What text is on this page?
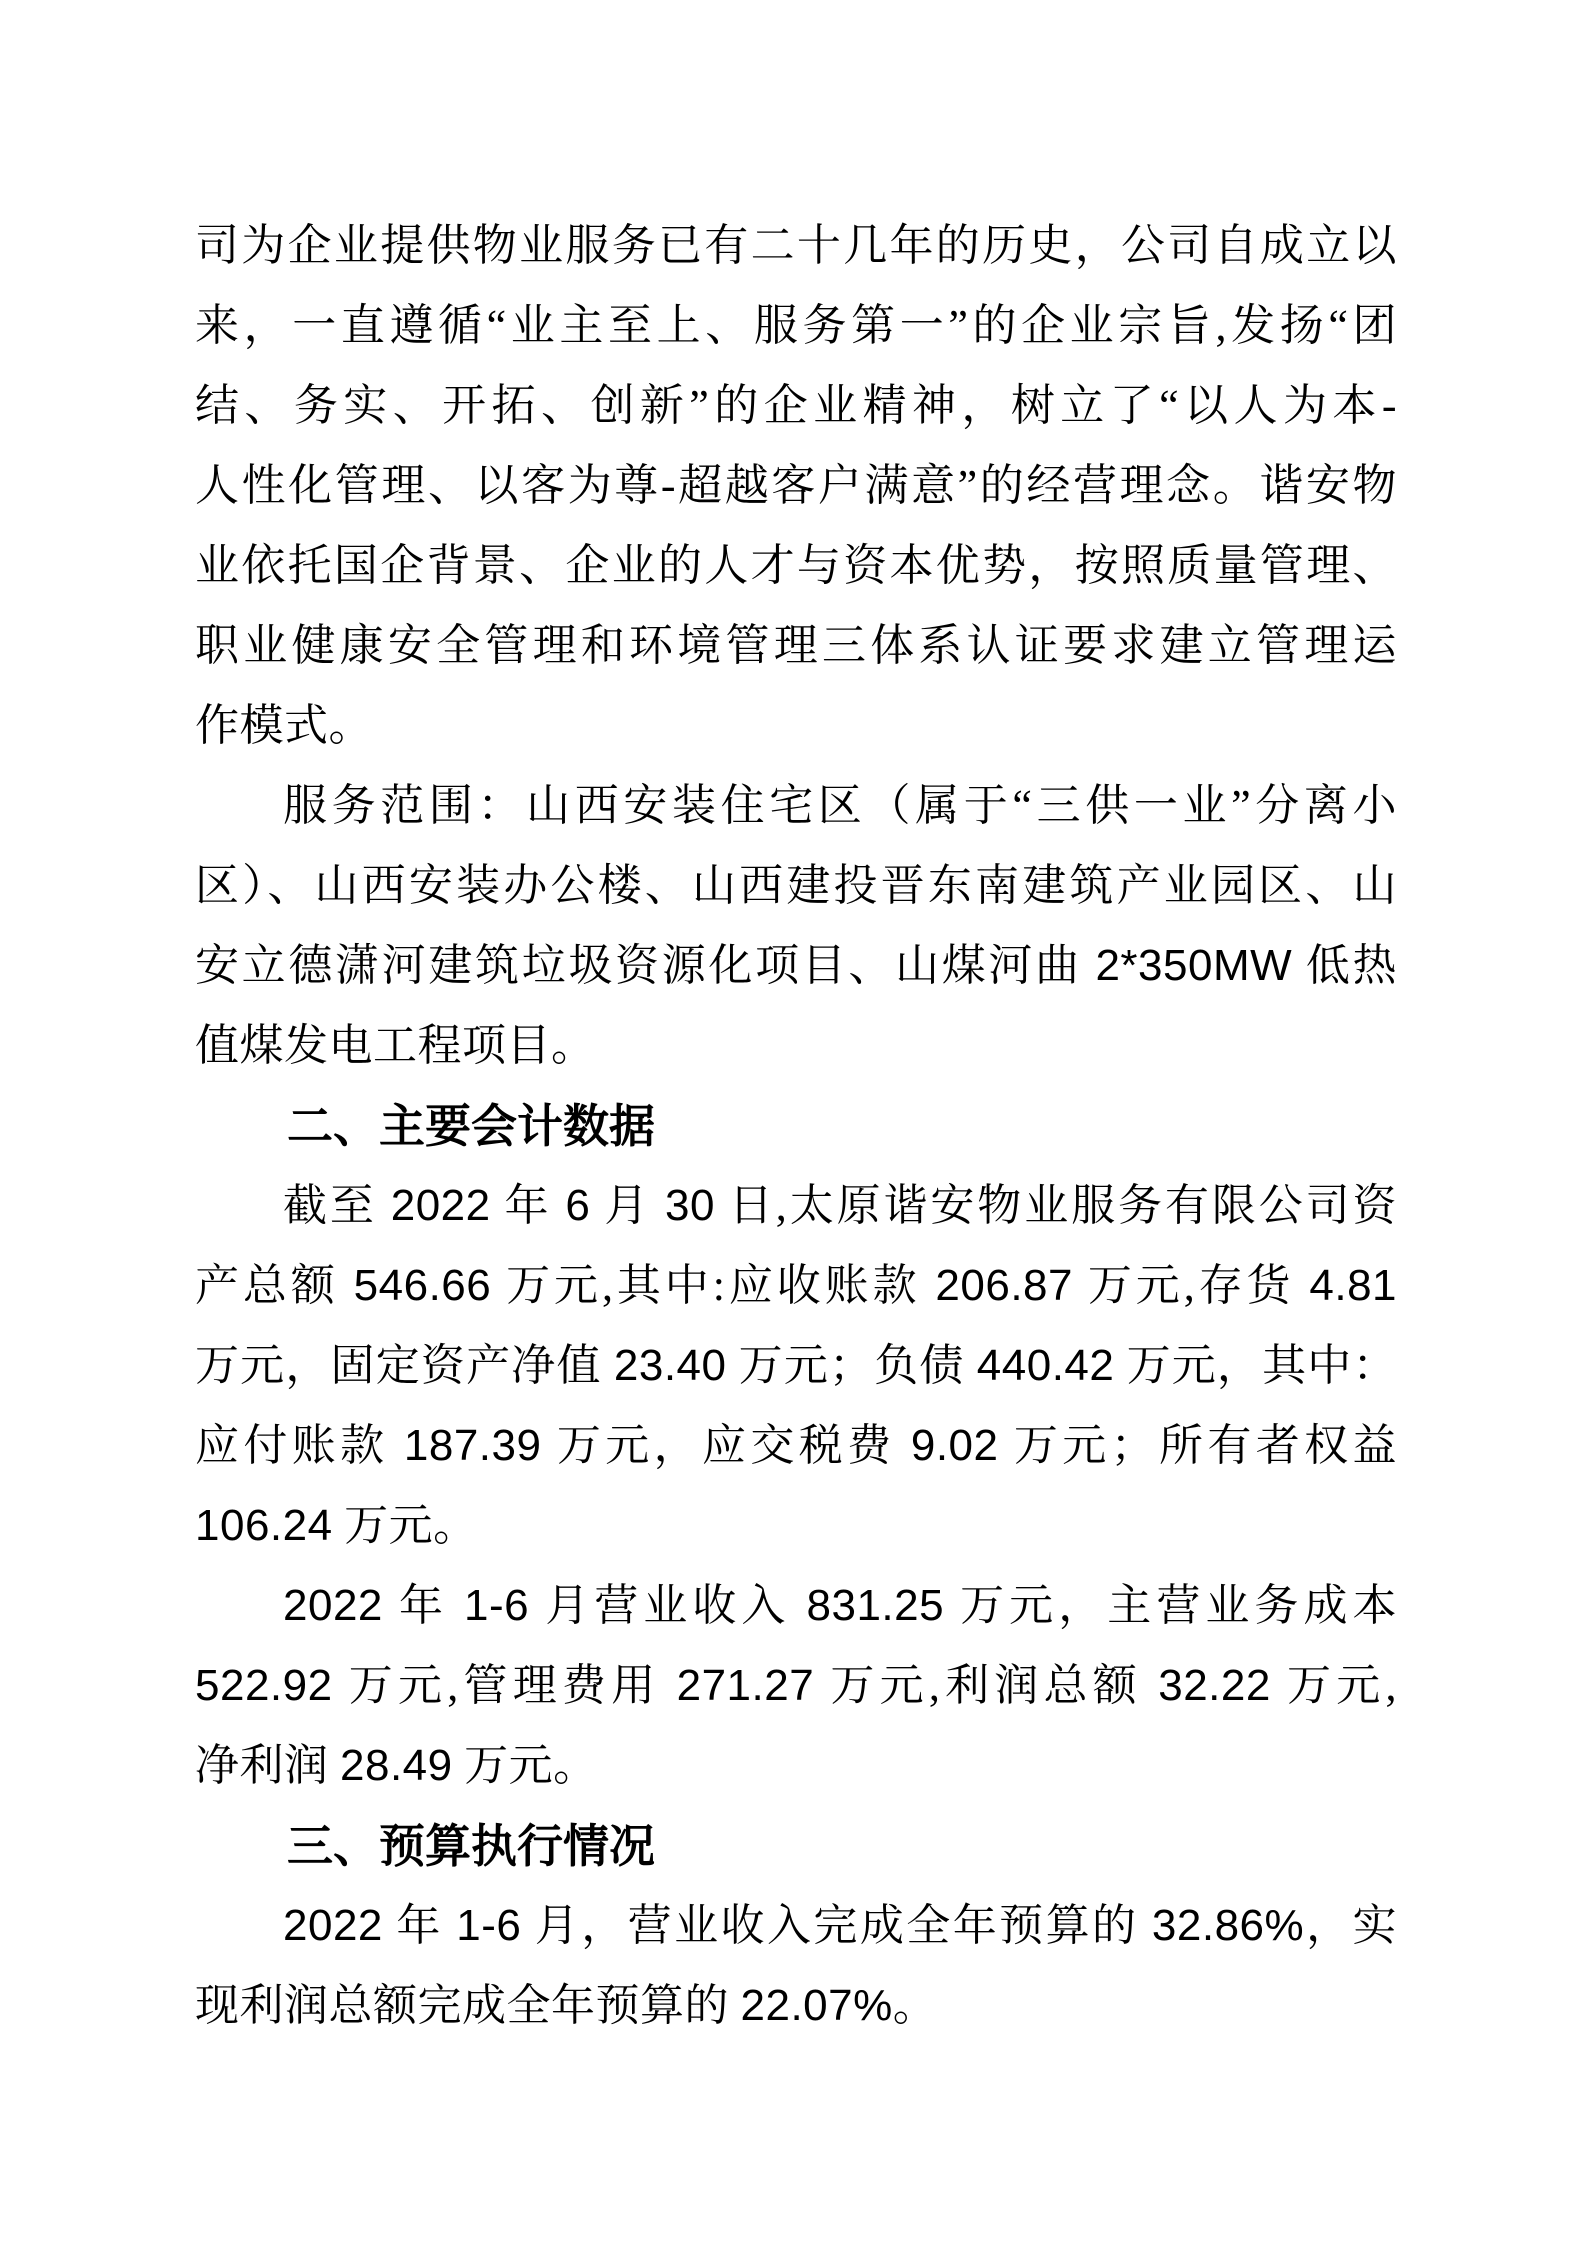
司为企业提供物业服务已有二十几年的历史，公司自成立以
来，一直遵循“业主至上、服务第一”的企业宗旨,发扬“团
结、务实、开拓、创新”的企业精神，树立了“以人为本-
人性化管理、以客为尊-超越客户满意”的经营理念。谐安物
业依托国企背景、企业的人才与资本优势，按照质量管理、
职业健康安全管理和环境管理三体系认证要求建立管理运
作模式。
服务范围：山西安装住宅区（属于“三供一业”分离小
区）、山西安装办公楼、山西建投晋东南建筑产业园区、山
安立德潇河建筑垃圾资源化项目、山煤河曲 2*350MW 低热
值煤发电工程项目。
二、主要会计数据
截至 2022 年 6 月 30 日,太原谐安物业服务有限公司资
产总额 546.66 万元,其中:应收账款 206.87 万元,存货 4.81
万元，固定资产净值 23.40 万元；负债 440.42 万元，其中：
应付账款 187.39 万元，应交税费 9.02 万元；所有者权益
106.24 万元。
2022 年 1-6 月营业收入 831.25 万元，主营业务成本
522.92 万元,管理费用 271.27 万元,利润总额 32.22 万元,
净利润 28.49 万元。
三、预算执行情况
2022 年 1-6 月，营业收入完成全年预算的 32.86%，实
现利润总额完成全年预算的 22.07%。
